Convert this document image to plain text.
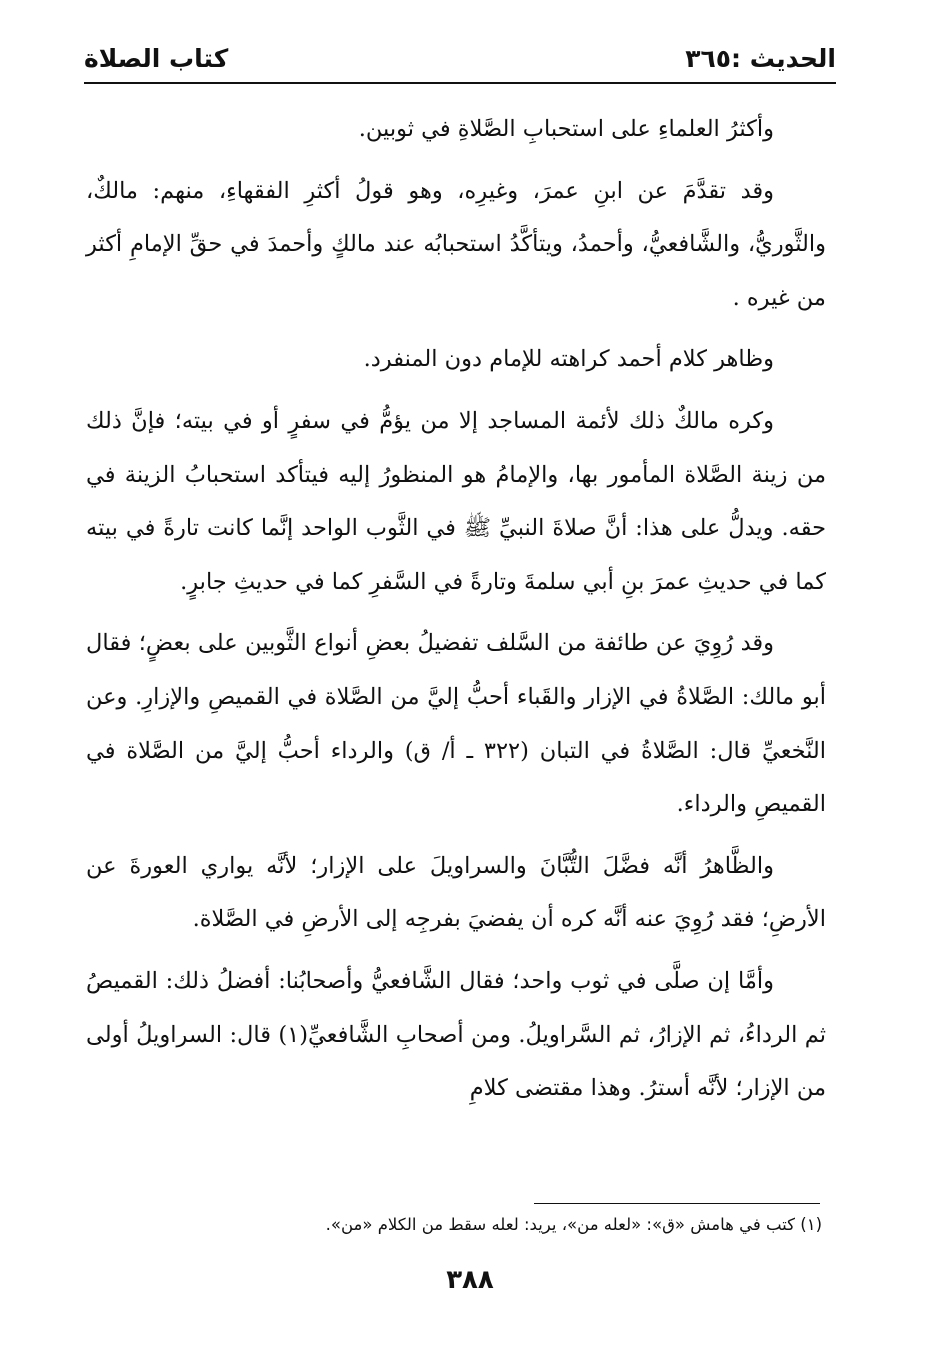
الحديث :٣٦٥
كتاب الصلاة

وأكثرُ العلماءِ على استحبابِ الصَّلاةِ في ثوبين.

وقد تقدَّمَ عن ابنِ عمرَ، وغيرِه، وهو قولُ أكثرِ الفقهاءِ، منهم: مالكٌ، والثَّوريُّ، والشَّافعيُّ، وأحمدُ، ويتأكَّدُ استحبابُه عند مالكٍ وأحمدَ في حقِّ الإمامِ أكثر من غيره .

وظاهر كلام أحمد كراهته للإمام دون المنفرد.

وكره مالكٌ ذلك لأئمة المساجد إلا من يؤمُّ في سفرٍ أو في بيته؛ فإنَّ ذلك من زينة الصَّلاة المأمور بها، والإمامُ هو المنظورُ إليه فيتأكد استحبابُ الزينة في حقه. ويدلُّ على هذا: أنَّ صلاةَ النبيِّ ﷺ في الثَّوب الواحد إنَّما كانت تارةً في بيته كما في حديثِ عمرَ بنِ أبي سلمةَ وتارةً في السَّفرِ كما في حديثِ جابرٍ.

وقد رُوِيَ عن طائفة من السَّلف تفضيلُ بعضِ أنواع الثَّوبين على بعضٍ؛ فقال أبو مالك: الصَّلاةُ في الإزار والقَباء أحبُّ إليَّ من الصَّلاة في القميصِ والإزارِ. وعن النَّخعيِّ قال: الصَّلاةُ في التبان (٣٢٢ ـ أ/ ق) والرداء أحبُّ إليَّ من الصَّلاة في القميصِ والرداء.

والظَّاهرُ أنَّه فضَّلَ التُّبَّانَ والسراويلَ على الإزار؛ لأنَّه يواري العورةَ عن الأرضِ؛ فقد رُوِيَ عنه أنَّه كره أن يفضيَ بفرجِه إلى الأرضِ في الصَّلاة.

وأمَّا إن صلَّى في ثوب واحد؛ فقال الشَّافعيُّ وأصحابُنا: أفضلُ ذلك: القميصُ ثم الرداءُ، ثم الإزارُ، ثم السَّراويلُ. ومن أصحابِ الشَّافعيِّ(١) قال: السراويلُ أولى من الإزار؛ لأنَّه أسترُ. وهذا مقتضى كلامِ

(١) كتب في هامش «ق»: «لعله من»، يريد: لعله سقط من الكلام «من».
٣٨٨
